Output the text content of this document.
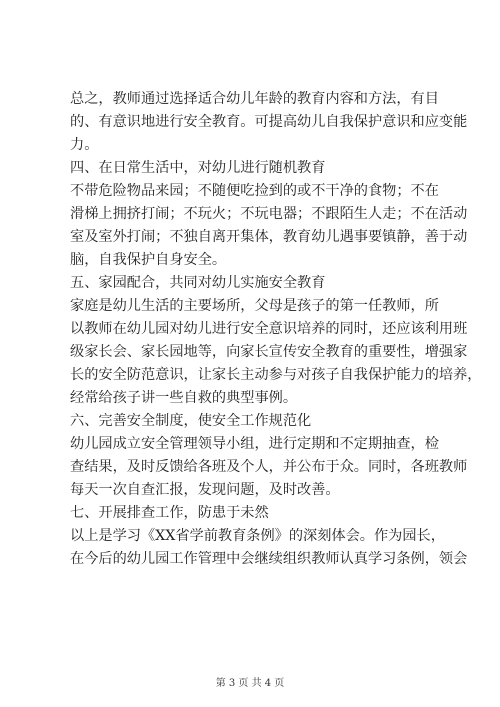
总之，教师通过选择适合幼儿年龄的教育内容和方法，有目
的、有意识地进行安全教育。可提高幼儿自我保护意识和应变能
力。
四、在日常生活中，对幼儿进行随机教育
不带危险物品来园；不随便吃捡到的或不干净的食物；不在
滑梯上拥挤打闹；不玩火；不玩电器；不跟陌生人走；不在活动
室及室外打闹；不独自离开集体，教育幼儿遇事要镇静，善于动
脑，自我保护自身安全。
五、家园配合，共同对幼儿实施安全教育
家庭是幼儿生活的主要场所，父母是孩子的第一任教师，所
以教师在幼儿园对幼儿进行安全意识培养的同时，还应该利用班
级家长会、家长园地等，向家长宣传安全教育的重要性，增强家
长的安全防范意识，让家长主动参与对孩子自我保护能力的培养，
经常给孩子讲一些自救的典型事例。
六、完善安全制度，使安全工作规范化
幼儿园成立安全管理领导小组，进行定期和不定期抽查，检
查结果，及时反馈给各班及个人，并公布于众。同时，各班教师
每天一次自查汇报，发现问题，及时改善。
七、开展排查工作，防患于未然
以上是学习《XX省学前教育条例》的深刻体会。作为园长，
在今后的幼儿园工作管理中会继续组织教师认真学习条例，领会
第 3 页 共 4 页
